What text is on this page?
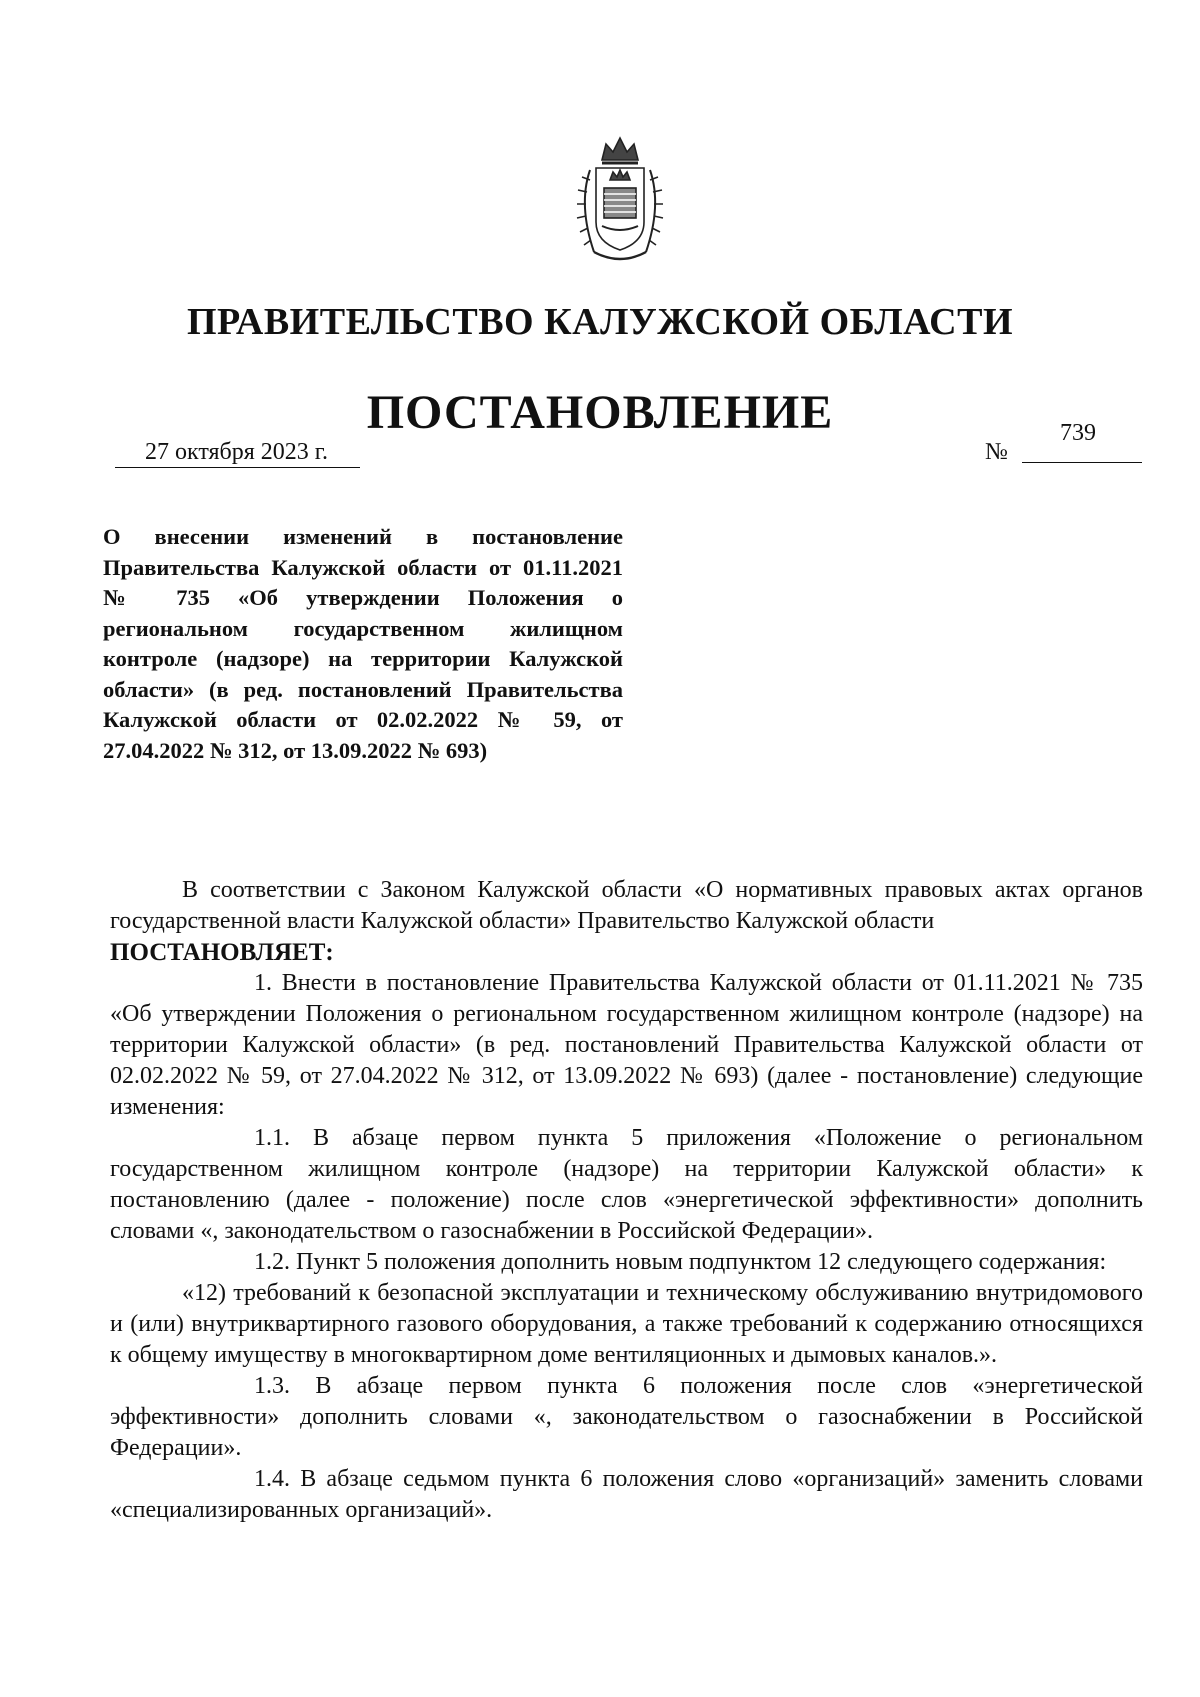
ПРАВИТЕЛЬСТВО КАЛУЖСКОЙ ОБЛАСТИ
ПОСТАНОВЛЕНИЕ
27 октября 2023 г.	№
739

О внесении изменений в постановление Правительства Калужской области от 01.11.2021 № 735 «Об утверждении Положения о региональном государственном жилищном контроле (надзоре) на территории Калужской области» (в ред. постановлений Правительства Калужской области от 02.02.2022 № 59, от 27.04.2022 № 312, от 13.09.2022 № 693)

В соответствии с Законом Калужской области «О нормативных правовых актах органов государственной власти Калужской области» Правительство Калужской области

ПОСТАНОВЛЯЕТ:

1. Внести в постановление Правительства Калужской области от 01.11.2021 № 735 «Об утверждении Положения о региональном государственном жилищном контроле (надзоре) на территории Калужской области» (в ред. постановлений Правительства Калужской области от 02.02.2022 № 59, от 27.04.2022 № 312, от 13.09.2022 № 693) (далее - постановление) следующие изменения:

1.1. В абзаце первом пункта 5 приложения «Положение о региональном государственном жилищном контроле (надзоре) на территории Калужской области» к постановлению (далее - положение) после слов «энергетической эффективности» дополнить словами «, законодательством о газоснабжении в Российской Федерации».

1.2. Пункт 5 положения дополнить новым подпунктом 12 следующего содержания:

«12) требований к безопасной эксплуатации и техническому обслуживанию внутридомового и (или) внутриквартирного газового оборудования, а также требований к содержанию относящихся к общему имуществу в многоквартирном доме вентиляционных и дымовых каналов.».

1.3. В абзаце первом пункта 6 положения после слов «энергетической эффективности» дополнить словами «, законодательством о газоснабжении в Российской Федерации».

1.4. В абзаце седьмом пункта 6 положения слово «организаций» заменить словами «специализированных организаций».
